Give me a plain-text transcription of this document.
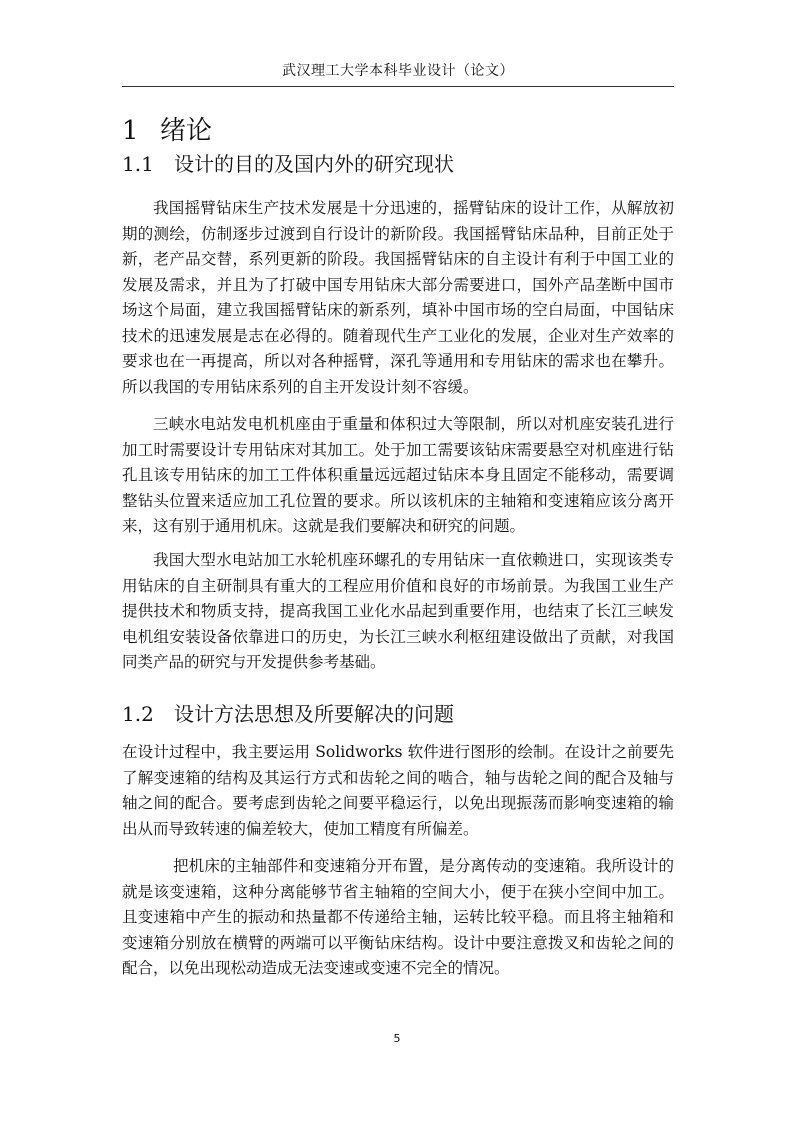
武汉理工大学本科毕业设计（论文）
1 绪论
1.1 设计的目的及国内外的研究现状

我国摇臂钻床生产技术发展是十分迅速的，摇臂钻床的设计工作，从解放初期的测绘，仿制逐步过渡到自行设计的新阶段。我国摇臂钻床品种，目前正处于新，老产品交替，系列更新的阶段。我国摇臂钻床的自主设计有利于中国工业的发展及需求，并且为了打破中国专用钻床大部分需要进口，国外产品垄断中国市场这个局面，建立我国摇臂钻床的新系列，填补中国市场的空白局面，中国钻床技术的迅速发展是志在必得的。随着现代生产工业化的发展，企业对生产效率的要求也在一再提高，所以对各种摇臂，深孔等通用和专用钻床的需求也在攀升。所以我国的专用钻床系列的自主开发设计刻不容缓。

三峡水电站发电机机座由于重量和体积过大等限制，所以对机座安装孔进行加工时需要设计专用钻床对其加工。处于加工需要该钻床需要悬空对机座进行钻孔且该专用钻床的加工工件体积重量远远超过钻床本身且固定不能移动，需要调整钻头位置来适应加工孔位置的要求。所以该机床的主轴箱和变速箱应该分离开来，这有别于通用机床。这就是我们要解决和研究的问题。

我国大型水电站加工水轮机座环螺孔的专用钻床一直依赖进口，实现该类专用钻床的自主研制具有重大的工程应用价值和良好的市场前景。为我国工业生产提供技术和物质支持，提高我国工业化水品起到重要作用，也结束了长江三峡发电机组安装设备依靠进口的历史，为长江三峡水利枢纽建设做出了贡献，对我国同类产品的研究与开发提供参考基础。

1.2 设计方法思想及所要解决的问题

在设计过程中，我主要运用 Solidworks 软件进行图形的绘制。在设计之前要先了解变速箱的结构及其运行方式和齿轮之间的啮合，轴与齿轮之间的配合及轴与轴之间的配合。要考虑到齿轮之间要平稳运行，以免出现振荡而影响变速箱的输出从而导致转速的偏差较大，使加工精度有所偏差。

把机床的主轴部件和变速箱分开布置，是分离传动的变速箱。我所设计的就是该变速箱，这种分离能够节省主轴箱的空间大小，便于在狭小空间中加工。且变速箱中产生的振动和热量都不传递给主轴，运转比较平稳。而且将主轴箱和变速箱分别放在横臂的两端可以平衡钻床结构。设计中要注意拨叉和齿轮之间的配合，以免出现松动造成无法变速或变速不完全的情况。

5
